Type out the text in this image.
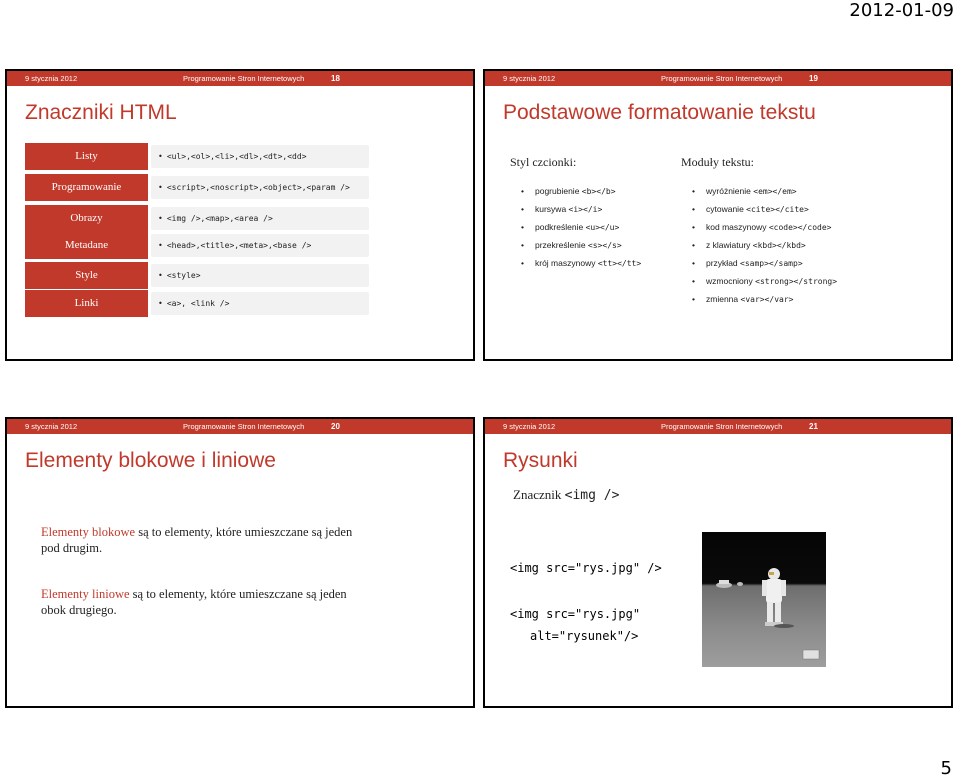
2012-01-09
9 stycznia 2012	Programowanie Stron Internetowych	18
Znaczniki HTML
Listy	• <ul>,<ol>,<li>,<dl>,<dt>,<dd>
Programowanie	• <script>,<noscript>,<object>,<param />
Obrazy	• <img />,<map>,<area />
Metadane	• <head>,<title>,<meta>,<base />
Style	• <style>
Linki	• <a>, <link />
9 stycznia 2012	Programowanie Stron Internetowych	19
Podstawowe formatowanie tekstu
Styl czcionki:	Moduły tekstu:
• pogrubienie <b></b>
• kursywa <i></i>
• podkreślenie <u></u>
• przekreślenie <s></s>
• krój maszynowy <tt></tt>
• wyróżnienie <em></em>
• cytowanie <cite></cite>
• kod maszynowy <code></code>
• z klawiatury <kbd></kbd>
• przykład <samp></samp>
• wzmocniony <strong></strong>
• zmienna <var></var>
9 stycznia 2012	Programowanie Stron Internetowych	20
Elementy blokowe i liniowe
Elementy blokowe są to elementy, które umieszczane są jeden pod drugim.
Elementy liniowe są to elementy, które umieszczane są jeden obok drugiego.
9 stycznia 2012	Programowanie Stron Internetowych	21
Rysunki
Znacznik <img />
<img src="rys.jpg" />
<img src="rys.jpg"
alt="rysunek"/>
5
